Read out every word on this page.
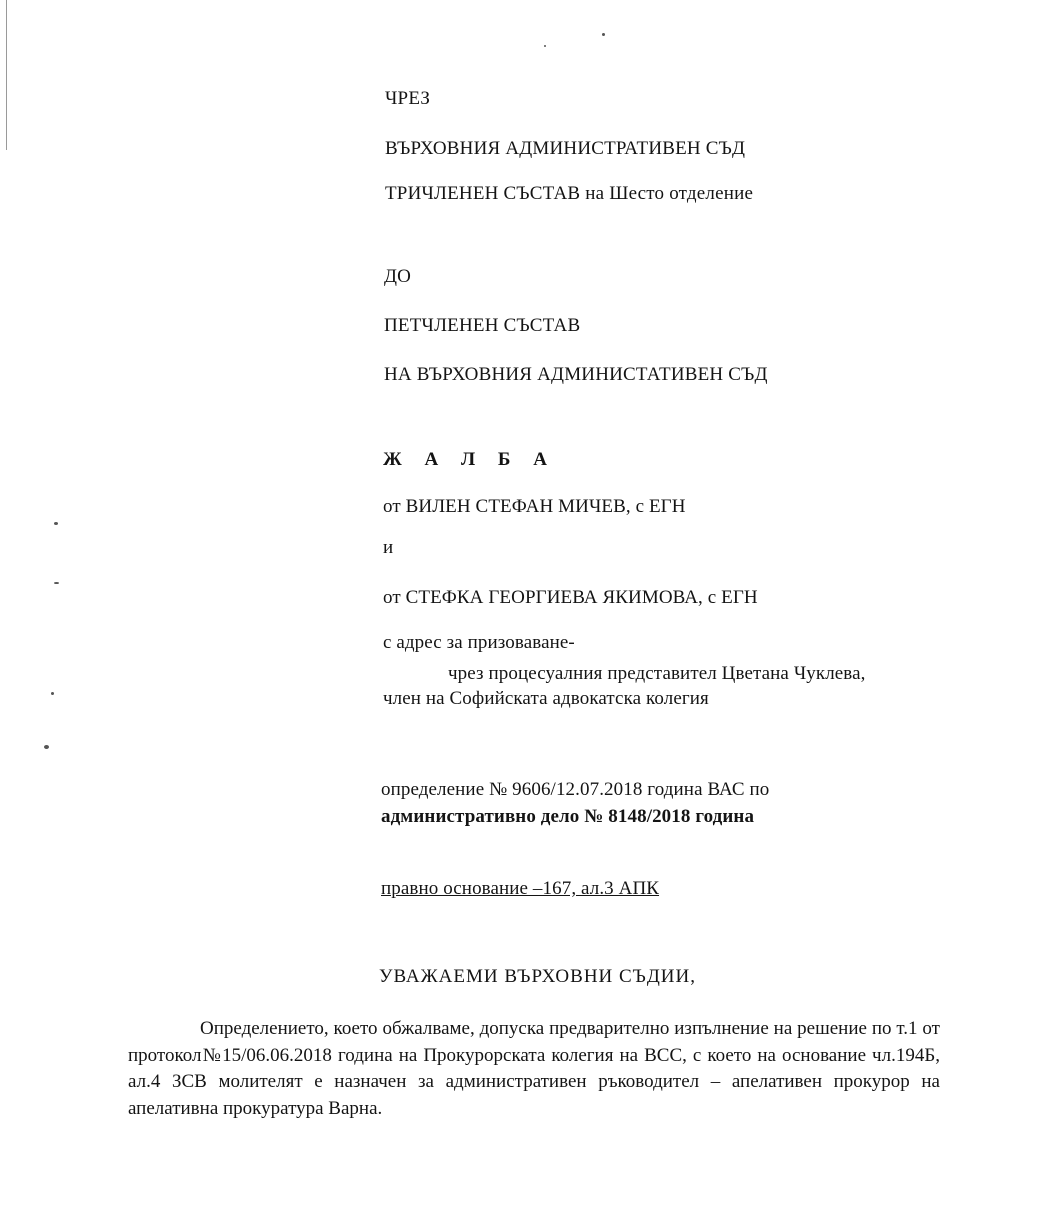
ЧРЕЗ
ВЪРХОВНИЯ АДМИНИСТРАТИВЕН СЪД
ТРИЧЛЕНЕН СЪСТАВ на Шесто отделение
ДО
ПЕТЧЛЕНЕН СЪСТАВ
НА ВЪРХОВНИЯ АДМИНИСТАТИВЕН СЪД
Ж А Л Б А
от ВИЛЕН СТЕФАН МИЧЕВ, с ЕГН
и
от СТЕФКА ГЕОРГИЕВА ЯКИМОВА, с ЕГН
с адрес за призоваване-
чрез процесуалния представител Цветана Чуклева,
член на Софийската адвокатска колегия
определение № 9606/12.07.2018 година ВАС по
административно дело № 8148/2018 година
правно основание –167, ал.3 АПК
УВАЖАЕМИ ВЪРХОВНИ СЪДИИ,

Определението, което обжалваме, допуска предварително изпълнение на решение по т.1 от протокол№15/06.06.2018 година на Прокурорската колегия на ВСС, с което на основание чл.194Б, ал.4 ЗСВ молителят е назначен за административен ръководител – апелативен прокурор на апелативна прокуратура Варна.
